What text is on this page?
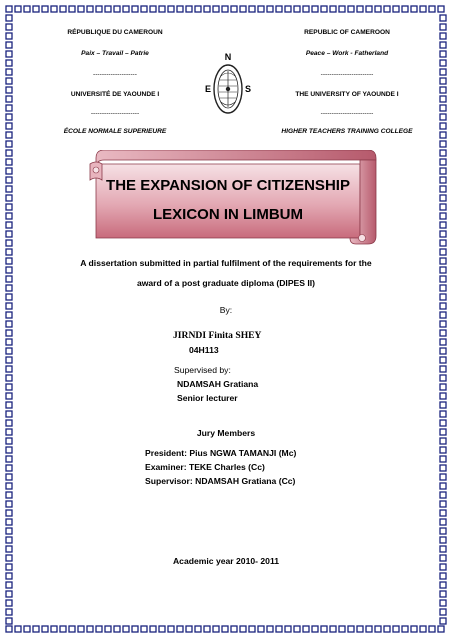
RÉPUBLIQUE DU CAMEROUN
Paix – Travail – Patrie
--------------------
UNIVERSITÉ DE YAOUNDE I
----------------------
ÉCOLE NORMALE SUPERIEURE
REPUBLIC OF CAMEROON
Peace – Work - Fatherland
------------------------
THE UNIVERSITY OF YAOUNDE I
------------------------
HIGHER TEACHERS TRAINING COLLEGE
N
E	S
THE EXPANSION OF CITIZENSHIP
LEXICON IN LIMBUM
A dissertation submitted in partial fulfilment of the requirements for the
award of a post graduate diploma (DIPES II)
By:
JIRNDI Finita SHEY
04H113
Supervised by:
NDAMSAH Gratiana
Senior lecturer
Jury Members
President: Pius NGWA TAMANJI (Mc)
Examiner: TEKE Charles (Cc)
Supervisor: NDAMSAH Gratiana (Cc)
Academic year 2010- 2011
